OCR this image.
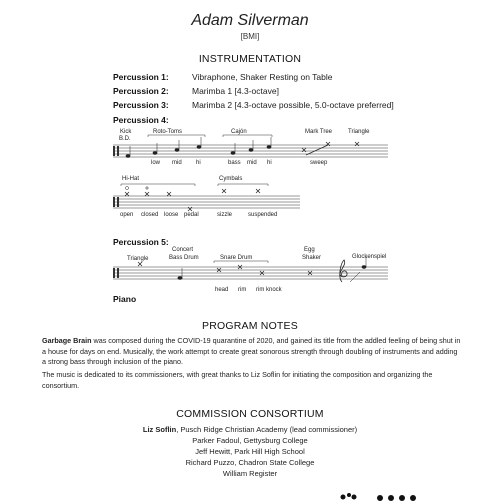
Adam Silverman
[BMI]
INSTRUMENTATION
Percussion 1:	Vibraphone, Shaker Resting on Table
Percussion 2:	Marimba 1 [4.3-octave]
Percussion 3:	Marimba 2 [4.3-octave possible, 5.0-octave preferred]
Percussion 4:
Kick
B.D.
Roto-Toms	Cajón	Mark Tree	Triangle
low mid hi	bass mid hi	sweep
Hi-Hat	Cymbals
open closed loose pedal	sizzle	suspended
Percussion 5:
Triangle
Concert
Bass Drum	Snare Drum
Egg
Shaker	Glockenspiel
head rim rim knock
Piano
PROGRAM NOTES
Garbage Brain was composed during the COVID-19 quarantine of 2020, and gained its title from the addled feeling of being shut in a house for days on end. Musically, the work attempt to create great sonorous strength through doubling of instruments and adding a strong bass through inclusion of the piano.
The music is dedicated to its commissioners, with great thanks to Liz Soflin for initiating the composition and organizing the consortium.
COMMISSION CONSORTIUM
Liz Soflin, Pusch Ridge Christian Academy (lead commissioner)
Parker Fadoul, Gettysburg College
Jeff Hewitt, Park Hill High School
Richard Puzzo, Chadron State College
William Register
